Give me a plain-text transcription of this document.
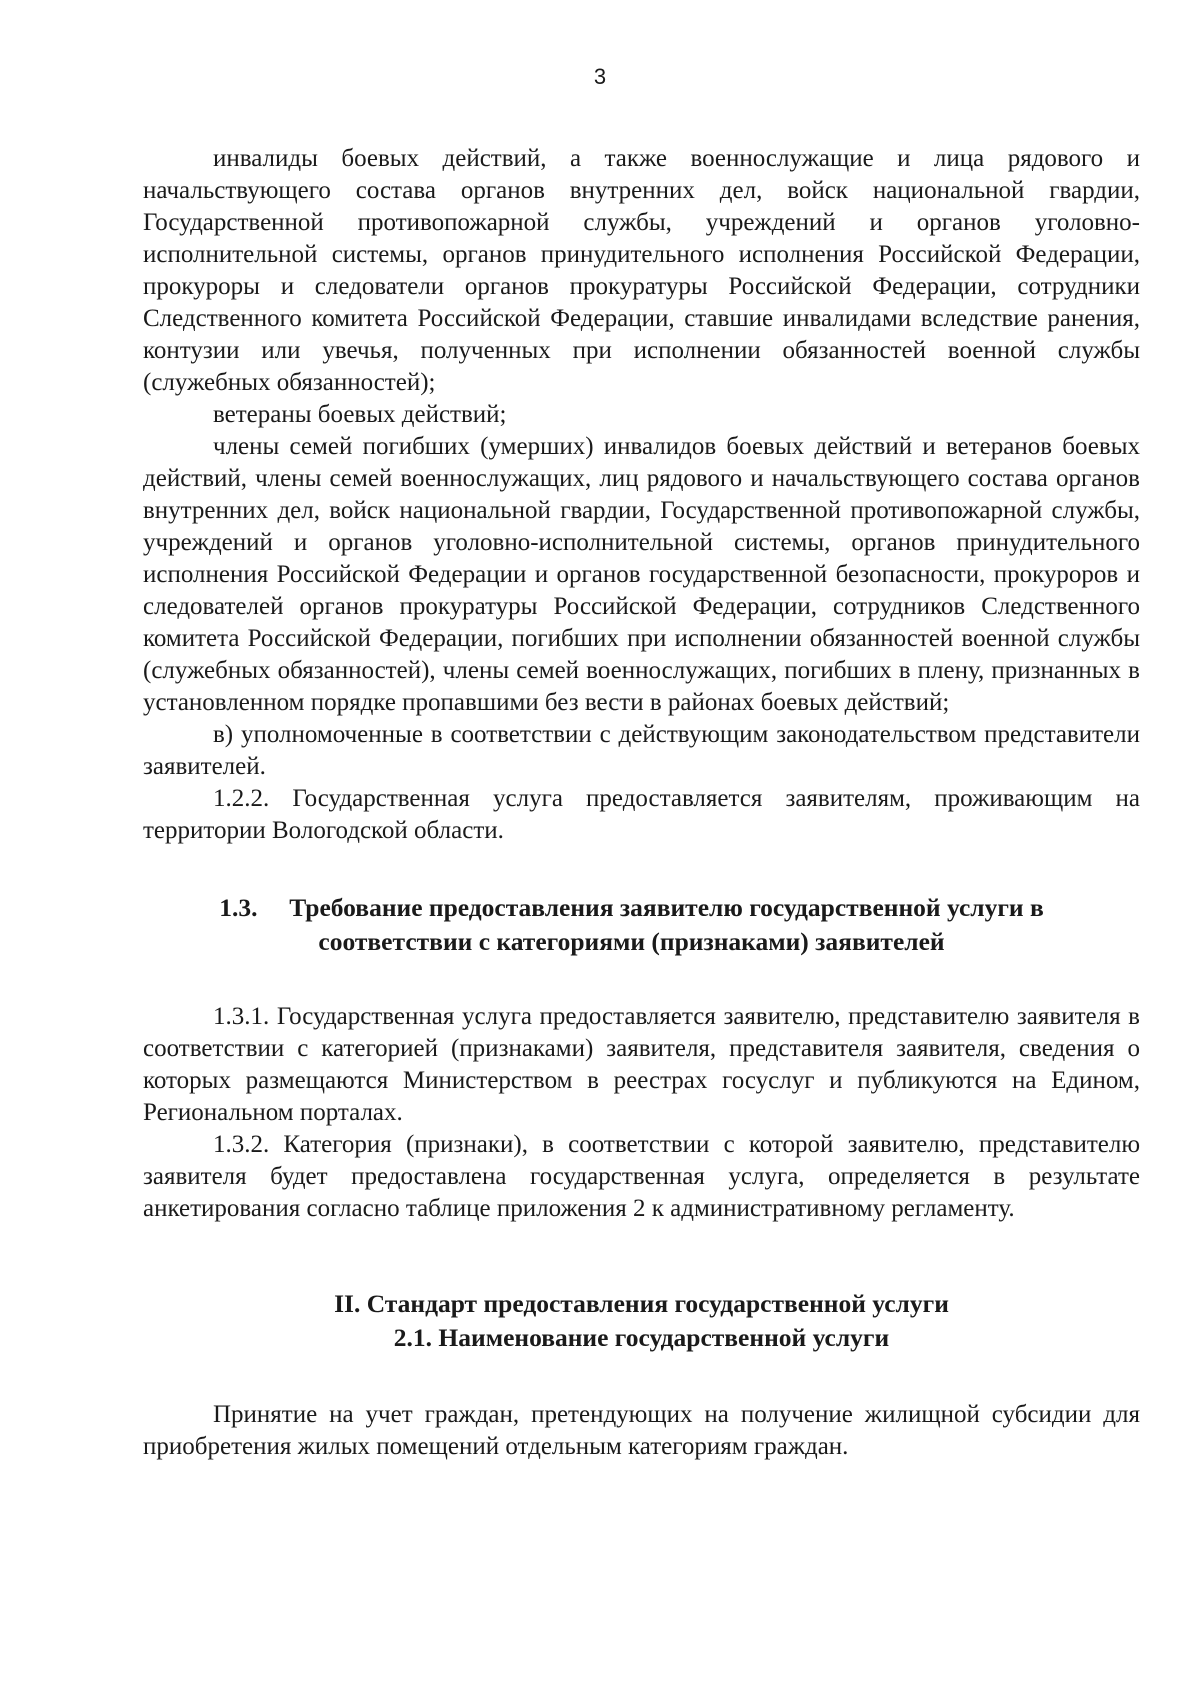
3

инвалиды боевых действий, а также военнослужащие и лица рядового и начальствующего состава органов внутренних дел, войск национальной гвардии, Государственной противопожарной службы, учреждений и органов уголовно-исполнительной системы, органов принудительного исполнения Российской Федерации, прокуроры и следователи органов прокуратуры Российской Федерации, сотрудники Следственного комитета Российской Федерации, ставшие инвалидами вследствие ранения, контузии или увечья, полученных при исполнении обязанностей военной службы (служебных обязанностей);

ветераны боевых действий;

члены семей погибших (умерших) инвалидов боевых действий и ветеранов боевых действий, члены семей военнослужащих, лиц рядового и начальствующего состава органов внутренних дел, войск национальной гвардии, Государственной противопожарной службы, учреждений и органов уголовно-исполнительной системы, органов принудительного исполнения Российской Федерации и органов государственной безопасности, прокуроров и следователей органов прокуратуры Российской Федерации, сотрудников Следственного комитета Российской Федерации, погибших при исполнении обязанностей военной службы (служебных обязанностей), члены семей военнослужащих, погибших в плену, признанных в установленном порядке пропавшими без вести в районах боевых действий;

в) уполномоченные в соответствии с действующим законодательством представители заявителей.

1.2.2. Государственная услуга предоставляется заявителям, проживающим на территории Вологодской области.

1.3. Требование предоставления заявителю государственной услуги в
соответствии с категориями (признаками) заявителей

1.3.1. Государственная услуга предоставляется заявителю, представителю заявителя в соответствии с категорией (признаками) заявителя, представителя заявителя, сведения о которых размещаются Министерством в реестрах госуслуг и публикуются на Едином, Региональном порталах.

1.3.2. Категория (признаки), в соответствии с которой заявителю, представителю заявителя будет предоставлена государственная услуга, определяется в результате анкетирования согласно таблице приложения 2 к административному регламенту.

II. Стандарт предоставления государственной услуги
2.1. Наименование государственной услуги

Принятие на учет граждан, претендующих на получение жилищной субсидии для приобретения жилых помещений отдельным категориям граждан.
